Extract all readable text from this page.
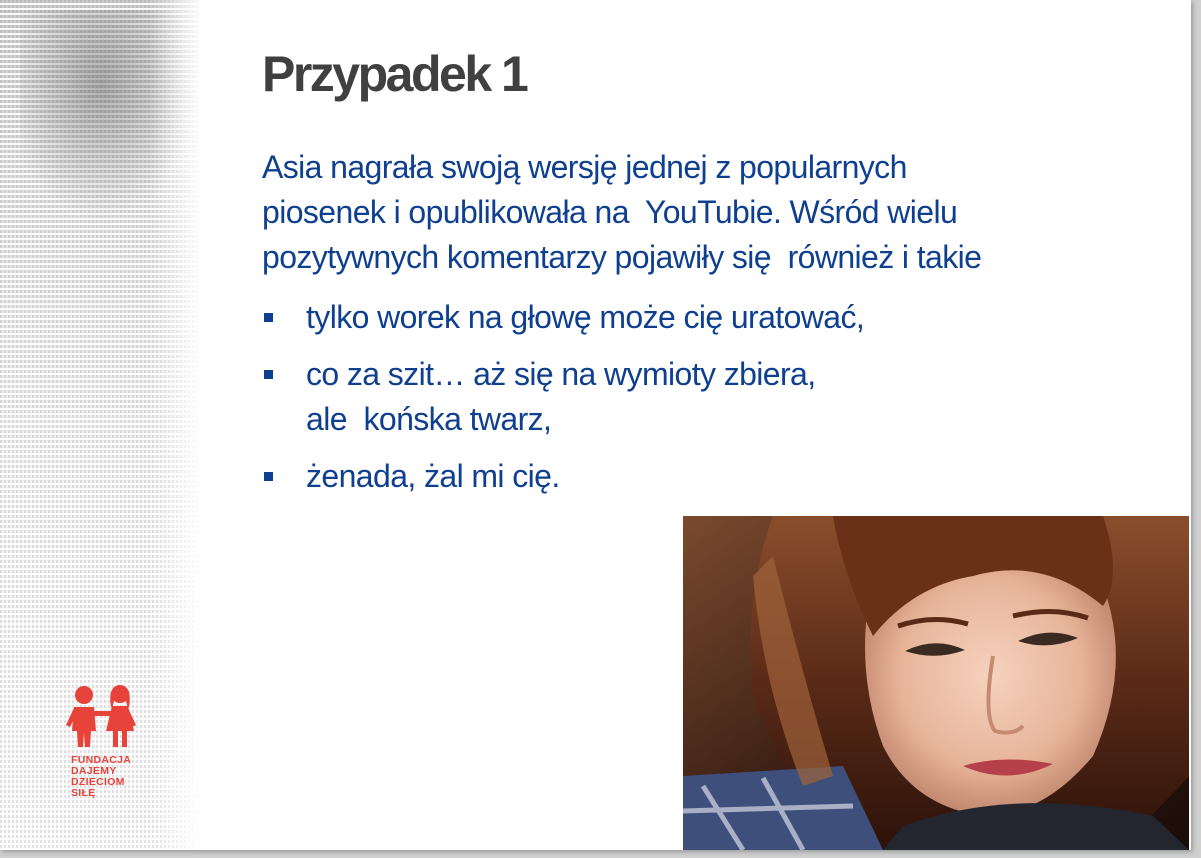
Przypadek 1

Asia nagrała swoją wersję jednej z popularnych
piosenek i opublikowała na  YouTubie. Wśród wielu
pozytywnych komentarzy pojawiły się  również i takie

tylko worek na głowę może cię uratować,
co za szit… aż się na wymioty zbiera,
ale  końska twarz,
żenada, żal mi cię.
FUNDACJA
DAJEMY
DZIECIOM
SIŁĘ
